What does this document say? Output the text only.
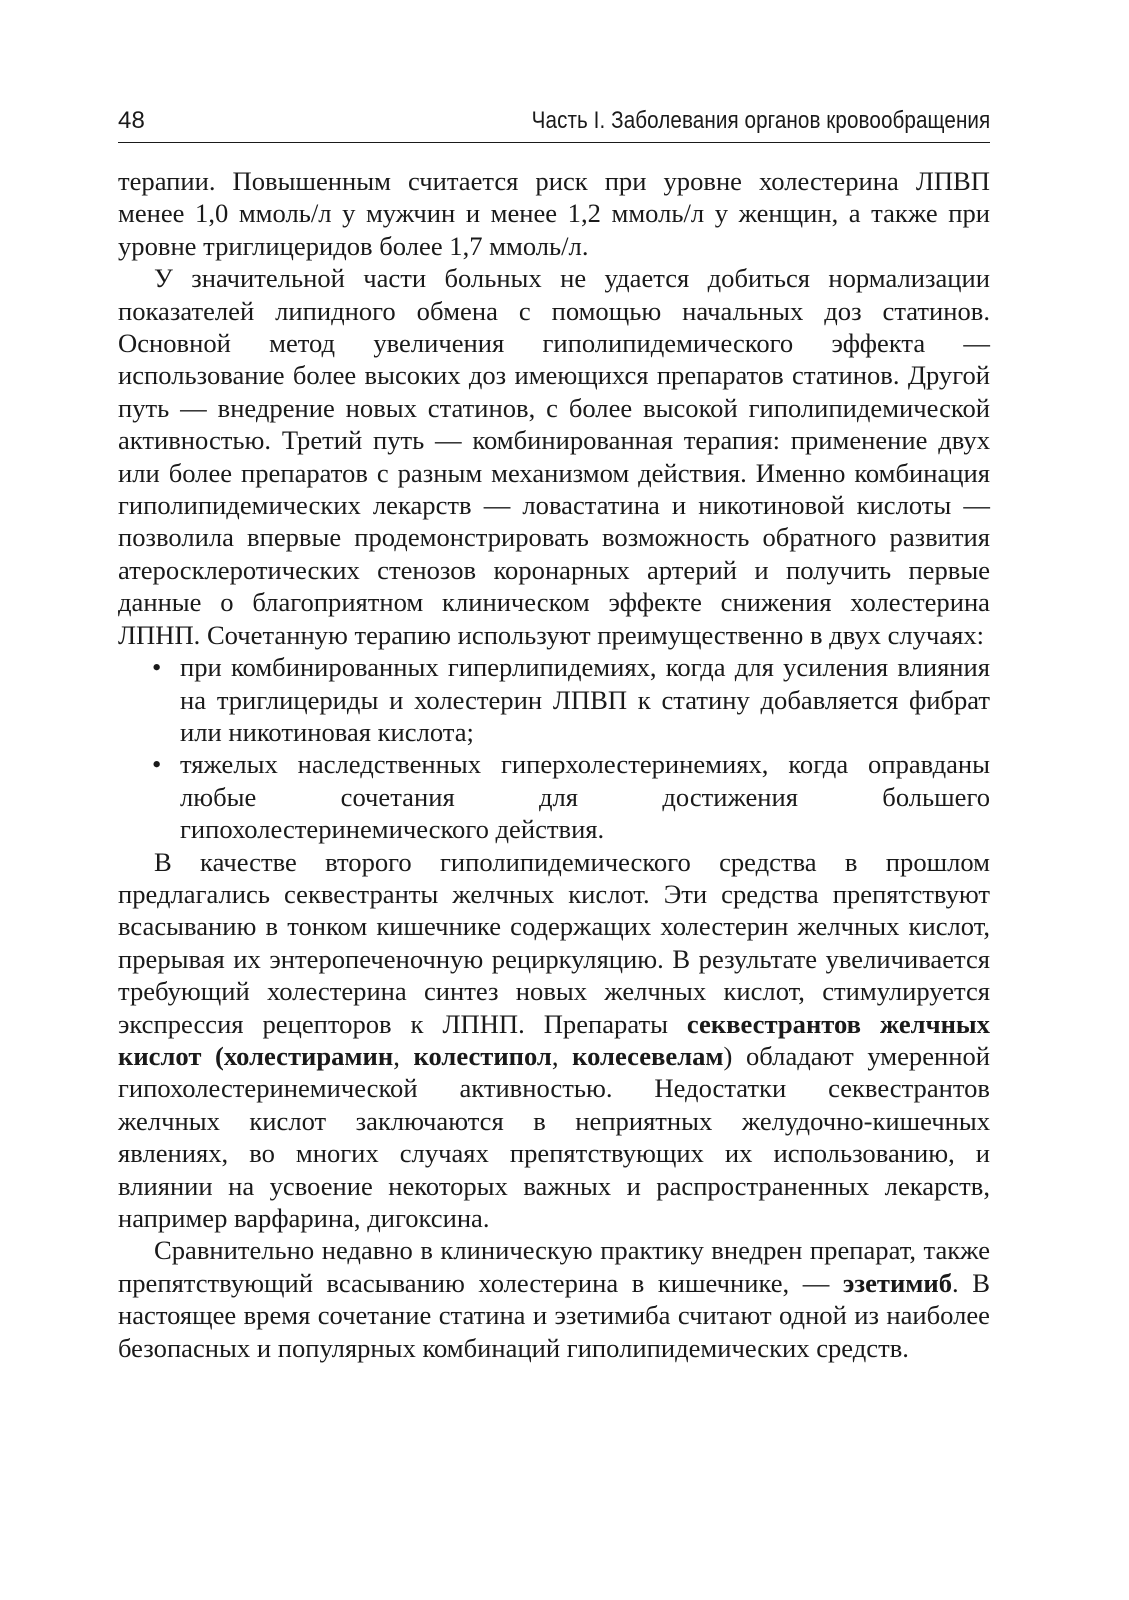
48	Часть I. Заболевания органов кровообращения

терапии. Повышенным считается риск при уровне холестерина ЛПВП менее 1,0 ммоль/л у мужчин и менее 1,2 ммоль/л у женщин, а также при уровне триглицеридов более 1,7 ммоль/л.

У значительной части больных не удается добиться нормализации показателей липидного обмена с помощью начальных доз статинов. Основной метод увеличения гиполипидемического эффекта — использование более высоких доз имеющихся препаратов статинов. Другой путь — внедрение новых статинов, с более высокой гиполипидемической активностью. Третий путь — комбинированная терапия: применение двух или более препаратов с разным механизмом действия. Именно комбинация гиполипидемических лекарств — ловастатина и никотиновой кислоты — позволила впервые продемонстрировать возможность обратного развития атеросклеротических стенозов коронарных артерий и получить первые данные о благоприятном клиническом эффекте снижения холестерина ЛПНП. Сочетанную терапию используют преимущественно в двух случаях:

• при комбинированных гиперлипидемиях, когда для усиления влияния на триглицериды и холестерин ЛПВП к статину добавляется фибрат или никотиновая кислота;
• тяжелых наследственных гиперхолестеринемиях, когда оправданы любые сочетания для достижения большего гипохолестеринемического действия.

В качестве второго гиполипидемического средства в прошлом предлагались секвестранты желчных кислот. Эти средства препятствуют всасыванию в тонком кишечнике содержащих холестерин желчных кислот, прерывая их энтеропеченочную рециркуляцию. В результате увеличивается требующий холестерина синтез новых желчных кислот, стимулируется экспрессия рецепторов к ЛПНП. Препараты секвестрантов желчных кислот (холестирамин, колестипол, колесевелам) обладают умеренной гипохолестеринемической активностью. Недостатки секвестрантов желчных кислот заключаются в неприятных желудочно-кишечных явлениях, во многих случаях препятствующих их использованию, и влиянии на усвоение некоторых важных и распространенных лекарств, например варфарина, дигоксина.

Сравнительно недавно в клиническую практику внедрен препарат, также препятствующий всасыванию холестерина в кишечнике, — эзетимиб. В настоящее время сочетание статина и эзетимиба считают одной из наиболее безопасных и популярных комбинаций гиполипидемических средств.
